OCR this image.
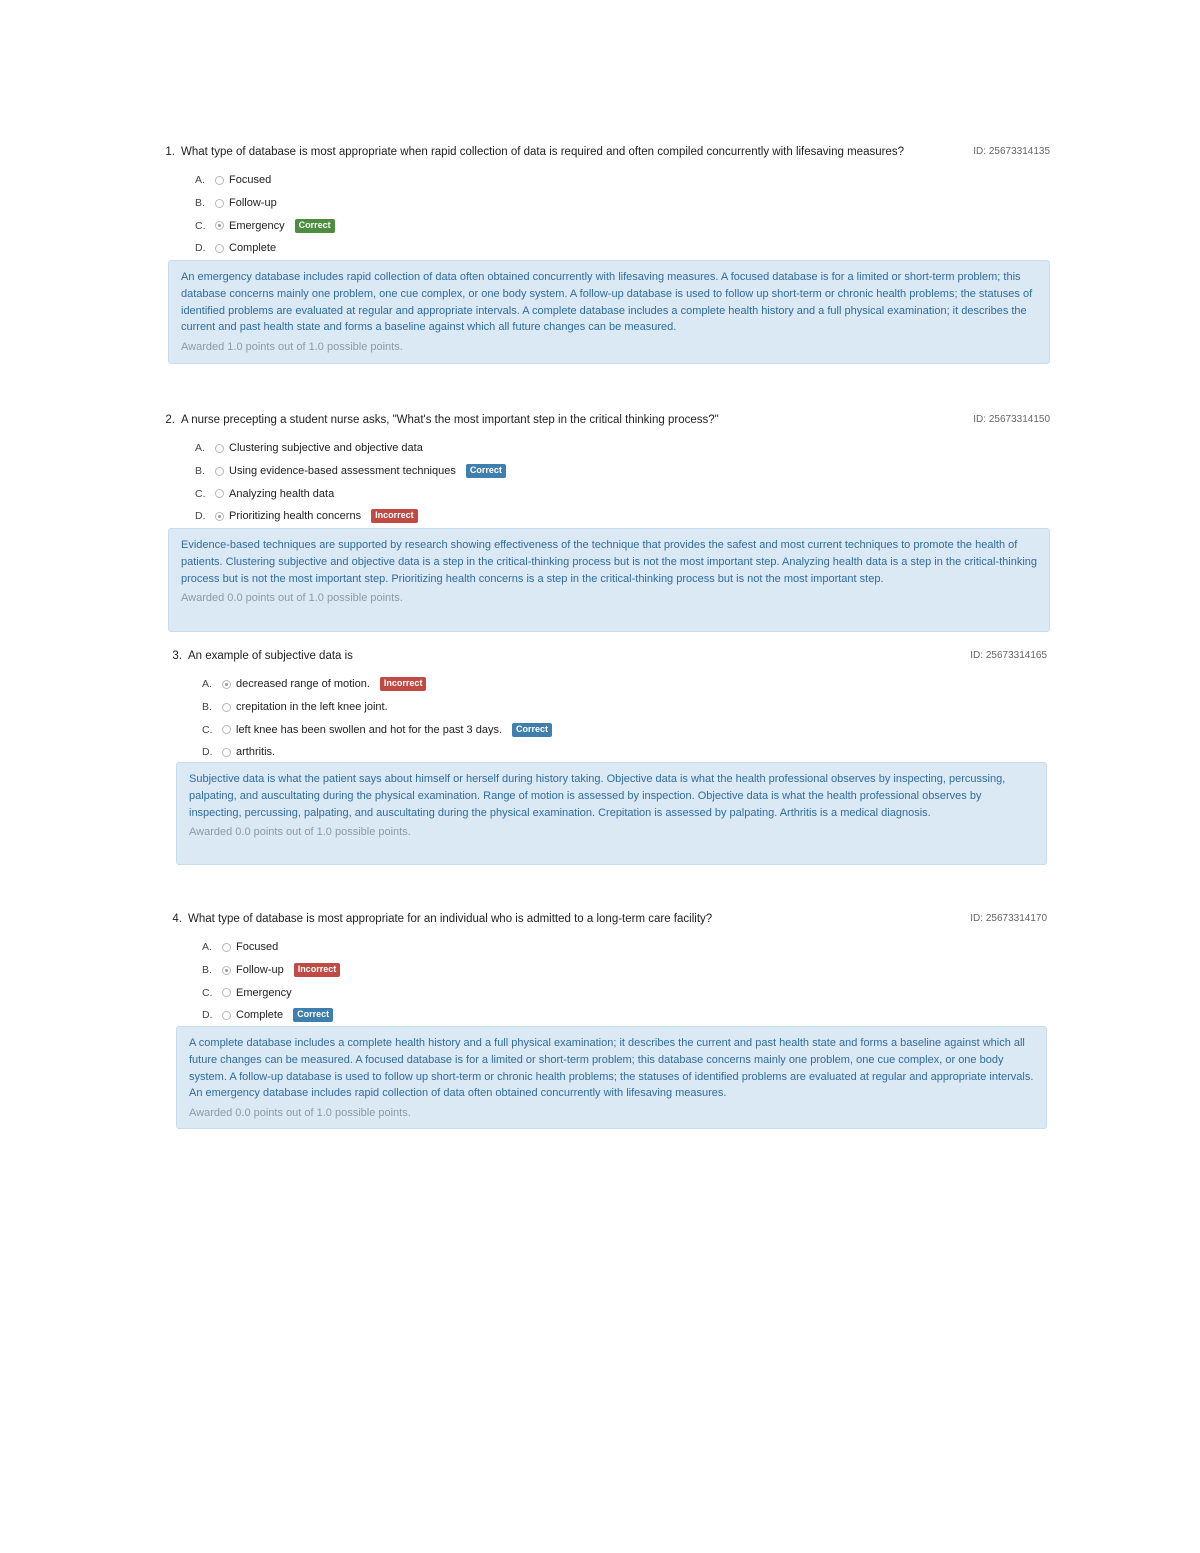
1. What type of database is most appropriate when rapid collection of data is required and often compiled concurrently with lifesaving measures?	ID: 25673314135
A.	Focused
B.	Follow-up
C.	Emergency	Correct
D.	Complete

An emergency database includes rapid collection of data often obtained concurrently with lifesaving measures. A focused database is for a limited or short-term problem; this database concerns mainly one problem, one cue complex, or one body system. A follow-up database is used to follow up short-term or chronic health problems; the statuses of identified problems are evaluated at regular and appropriate intervals. A complete database includes a complete health history and a full physical examination; it describes the current and past health state and forms a baseline against which all future changes can be measured.

Awarded 1.0 points out of 1.0 possible points.
2. A nurse precepting a student nurse asks, "What's the most important step in the critical thinking process?"	ID: 25673314150
A.	Clustering subjective and objective data
B.	Using evidence-based assessment techniques	Correct
C.	Analyzing health data
D.	Prioritizing health concerns	Incorrect

Evidence-based techniques are supported by research showing effectiveness of the technique that provides the safest and most current techniques to promote the health of patients. Clustering subjective and objective data is a step in the critical-thinking process but is not the most important step. Analyzing health data is a step in the critical-thinking process but is not the most important step. Prioritizing health concerns is a step in the critical-thinking process but is not the most important step.

Awarded 0.0 points out of 1.0 possible points.
3. An example of subjective data is	ID: 25673314165
A.	decreased range of motion.	Incorrect
B.	crepitation in the left knee joint.
C.	left knee has been swollen and hot for the past 3 days.	Correct
D.	arthritis.

Subjective data is what the patient says about himself or herself during history taking. Objective data is what the health professional observes by inspecting, percussing, palpating, and auscultating during the physical examination. Range of motion is assessed by inspection. Objective data is what the health professional observes by inspecting, percussing, palpating, and auscultating during the physical examination. Crepitation is assessed by palpating. Arthritis is a medical diagnosis.

Awarded 0.0 points out of 1.0 possible points.
4. What type of database is most appropriate for an individual who is admitted to a long-term care facility?	ID: 25673314170
A.	Focused
B.	Follow-up	Incorrect
C.	Emergency
D.	Complete	Correct

A complete database includes a complete health history and a full physical examination; it describes the current and past health state and forms a baseline against which all future changes can be measured. A focused database is for a limited or short-term problem; this database concerns mainly one problem, one cue complex, or one body system. A follow-up database is used to follow up short-term or chronic health problems; the statuses of identified problems are evaluated at regular and appropriate intervals. An emergency database includes rapid collection of data often obtained concurrently with lifesaving measures.

Awarded 0.0 points out of 1.0 possible points.
